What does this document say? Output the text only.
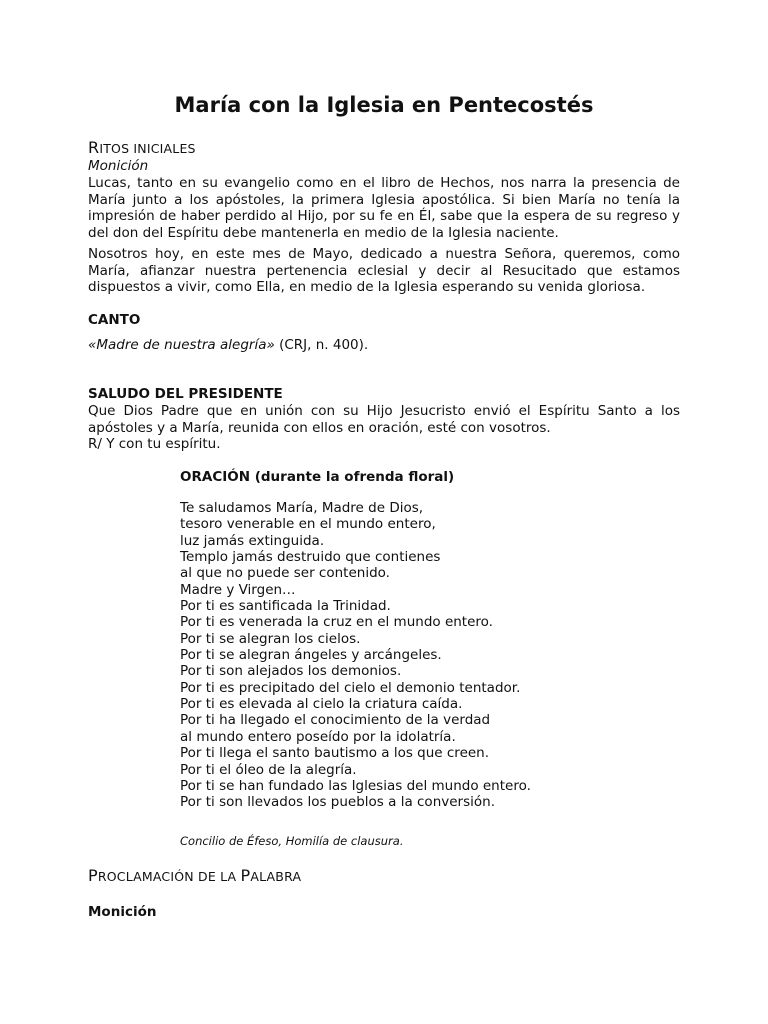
María con la Iglesia en Pentecostés
RITOS INICIALES

Monición

Lucas, tanto en su evangelio como en el libro de Hechos, nos narra la presencia de María junto a los apóstoles, la primera Iglesia apostólica. Si bien María no tenía la impresión de haber perdido al Hijo, por su fe en Él, sabe que la espera de su regreso y del don del Espíritu debe mantenerla en medio de la Iglesia naciente.

Nosotros hoy, en este mes de Mayo, dedicado a nuestra Señora, queremos, como María, afianzar nuestra pertenencia eclesial y decir al Resucitado que estamos dispuestos a vivir, como Ella, en medio de la Iglesia esperando su venida gloriosa.

CANTO

«Madre de nuestra alegría» (CRJ, n. 400).

SALUDO DEL PRESIDENTE

Que Dios Padre que en unión con su Hijo Jesucristo envió el Espíritu Santo a los apóstoles y a María, reunida con ellos en oración, esté con vosotros.

R/ Y con tu espíritu.

ORACIÓN (durante la ofrenda floral)
Te saludamos María, Madre de Dios,
tesoro venerable en el mundo entero,
luz jamás extinguida.
Templo jamás destruido que contienes
al que no puede ser contenido.
Madre y Virgen…
Por ti es santificada la Trinidad.
Por ti es venerada la cruz en el mundo entero.
Por ti se alegran los cielos.
Por ti se alegran ángeles y arcángeles.
Por ti son alejados los demonios.
Por ti es precipitado del cielo el demonio tentador.
Por ti es elevada al cielo la criatura caída.
Por ti ha llegado el conocimiento de la verdad
al mundo entero poseído por la idolatría.
Por ti llega el santo bautismo a los que creen.
Por ti el óleo de la alegría.
Por ti se han fundado las Iglesias del mundo entero.
Por ti son llevados los pueblos a la conversión.

Concilio de Éfeso, Homilía de clausura.

PROCLAMACIÓN DE LA PALABRA
Monición
